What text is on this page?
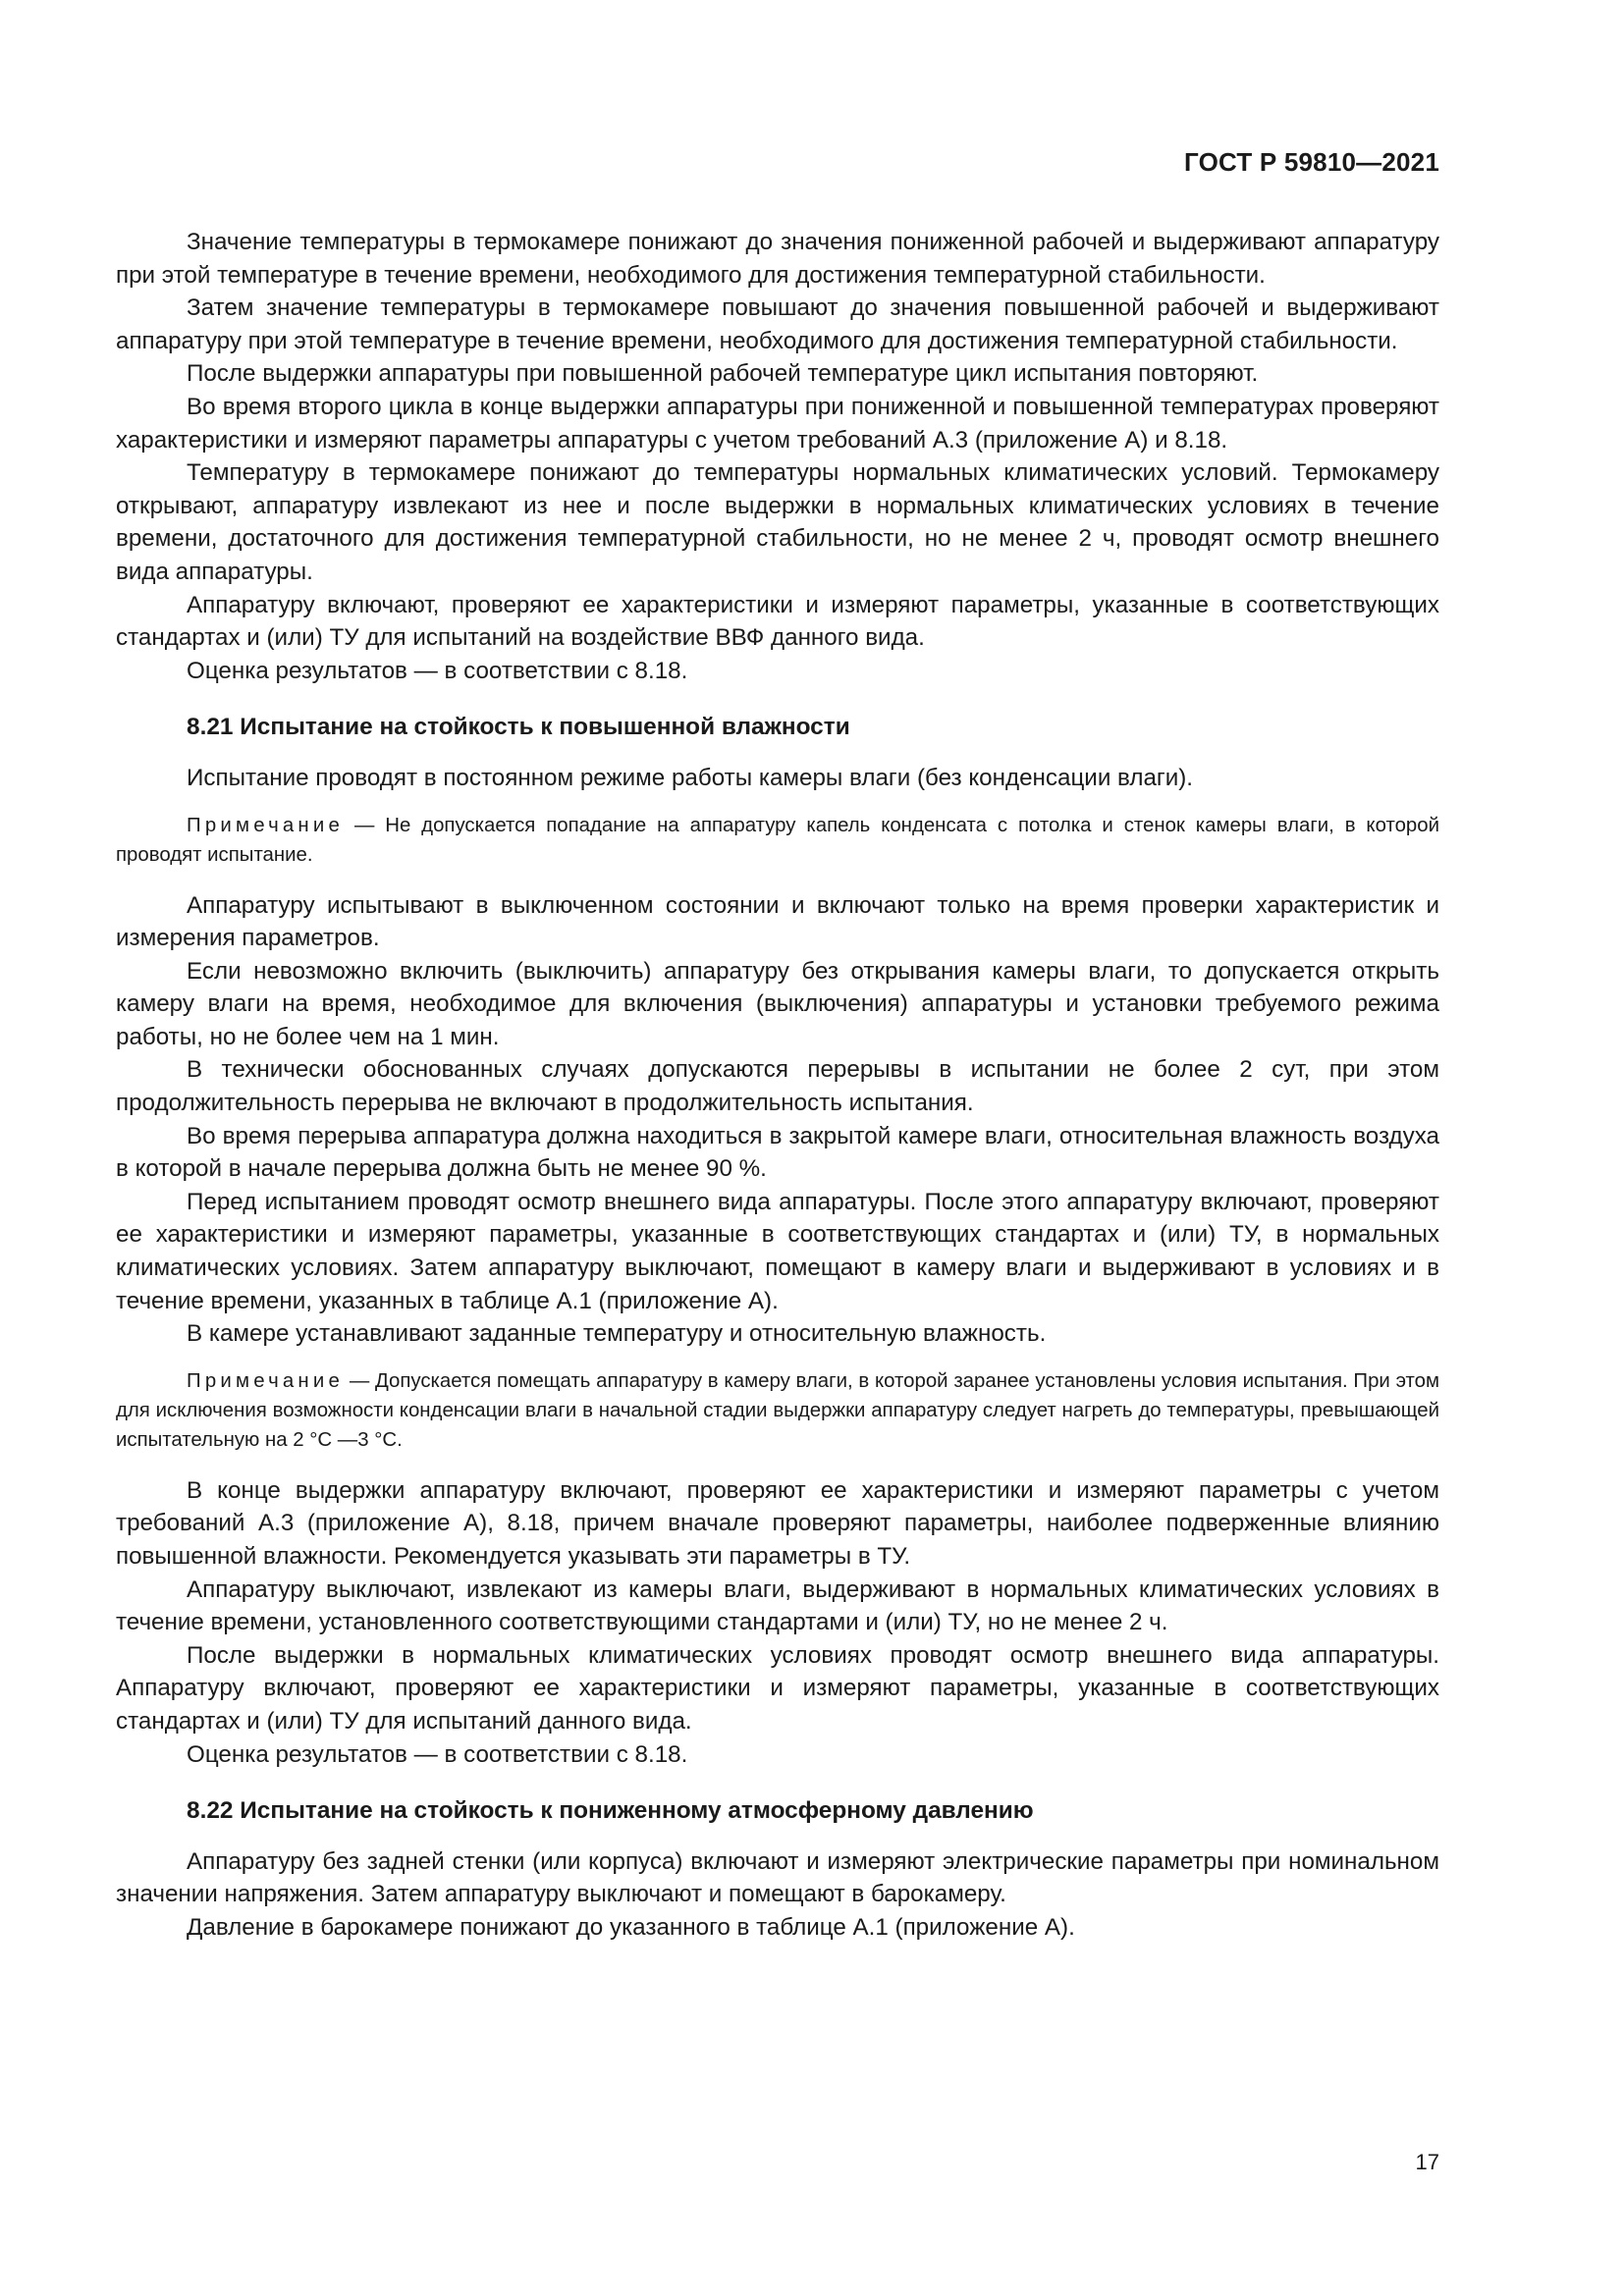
ГОСТ Р 59810—2021

Значение температуры в термокамере понижают до значения пониженной рабочей и выдерживают аппаратуру при этой температуре в течение времени, необходимого для достижения температурной стабильности.

Затем значение температуры в термокамере повышают до значения повышенной рабочей и выдерживают аппаратуру при этой температуре в течение времени, необходимого для достижения температурной стабильности.

После выдержки аппаратуры при повышенной рабочей температуре цикл испытания повторяют.

Во время второго цикла в конце выдержки аппаратуры при пониженной и повышенной температурах проверяют характеристики и измеряют параметры аппаратуры с учетом требований А.3 (приложение А) и 8.18.

Температуру в термокамере понижают до температуры нормальных климатических условий. Термокамеру открывают, аппаратуру извлекают из нее и после выдержки в нормальных климатических условиях в течение времени, достаточного для достижения температурной стабильности, но не менее 2 ч, проводят осмотр внешнего вида аппаратуры.

Аппаратуру включают, проверяют ее характеристики и измеряют параметры, указанные в соответствующих стандартах и (или) ТУ для испытаний на воздействие ВВФ данного вида.

Оценка результатов — в соответствии с 8.18.

8.21 Испытание на стойкость к повышенной влажности

Испытание проводят в постоянном режиме работы камеры влаги (без конденсации влаги).

Примечание — Не допускается попадание на аппаратуру капель конденсата с потолка и стенок камеры влаги, в которой проводят испытание.

Аппаратуру испытывают в выключенном состоянии и включают только на время проверки характеристик и измерения параметров.

Если невозможно включить (выключить) аппаратуру без открывания камеры влаги, то допускается открыть камеру влаги на время, необходимое для включения (выключения) аппаратуры и установки требуемого режима работы, но не более чем на 1 мин.

В технически обоснованных случаях допускаются перерывы в испытании не более 2 сут, при этом продолжительность перерыва не включают в продолжительность испытания.

Во время перерыва аппаратура должна находиться в закрытой камере влаги, относительная влажность воздуха в которой в начале перерыва должна быть не менее 90 %.

Перед испытанием проводят осмотр внешнего вида аппаратуры. После этого аппаратуру включают, проверяют ее характеристики и измеряют параметры, указанные в соответствующих стандартах и (или) ТУ, в нормальных климатических условиях. Затем аппаратуру выключают, помещают в камеру влаги и выдерживают в условиях и в течение времени, указанных в таблице А.1 (приложение А).

В камере устанавливают заданные температуру и относительную влажность.

Примечание — Допускается помещать аппаратуру в камеру влаги, в которой заранее установлены условия испытания. При этом для исключения возможности конденсации влаги в начальной стадии выдержки аппаратуру следует нагреть до температуры, превышающей испытательную на 2 °С —3 °С.

В конце выдержки аппаратуру включают, проверяют ее характеристики и измеряют параметры с учетом требований А.3 (приложение А), 8.18, причем вначале проверяют параметры, наиболее подверженные влиянию повышенной влажности. Рекомендуется указывать эти параметры в ТУ.

Аппаратуру выключают, извлекают из камеры влаги, выдерживают в нормальных климатических условиях в течение времени, установленного соответствующими стандартами и (или) ТУ, но не менее 2 ч.

После выдержки в нормальных климатических условиях проводят осмотр внешнего вида аппаратуры. Аппаратуру включают, проверяют ее характеристики и измеряют параметры, указанные в соответствующих стандартах и (или) ТУ для испытаний данного вида.

Оценка результатов — в соответствии с 8.18.

8.22 Испытание на стойкость к пониженному атмосферному давлению

Аппаратуру без задней стенки (или корпуса) включают и измеряют электрические параметры при номинальном значении напряжения. Затем аппаратуру выключают и помещают в барокамеру.

Давление в барокамере понижают до указанного в таблице А.1 (приложение А).

17
